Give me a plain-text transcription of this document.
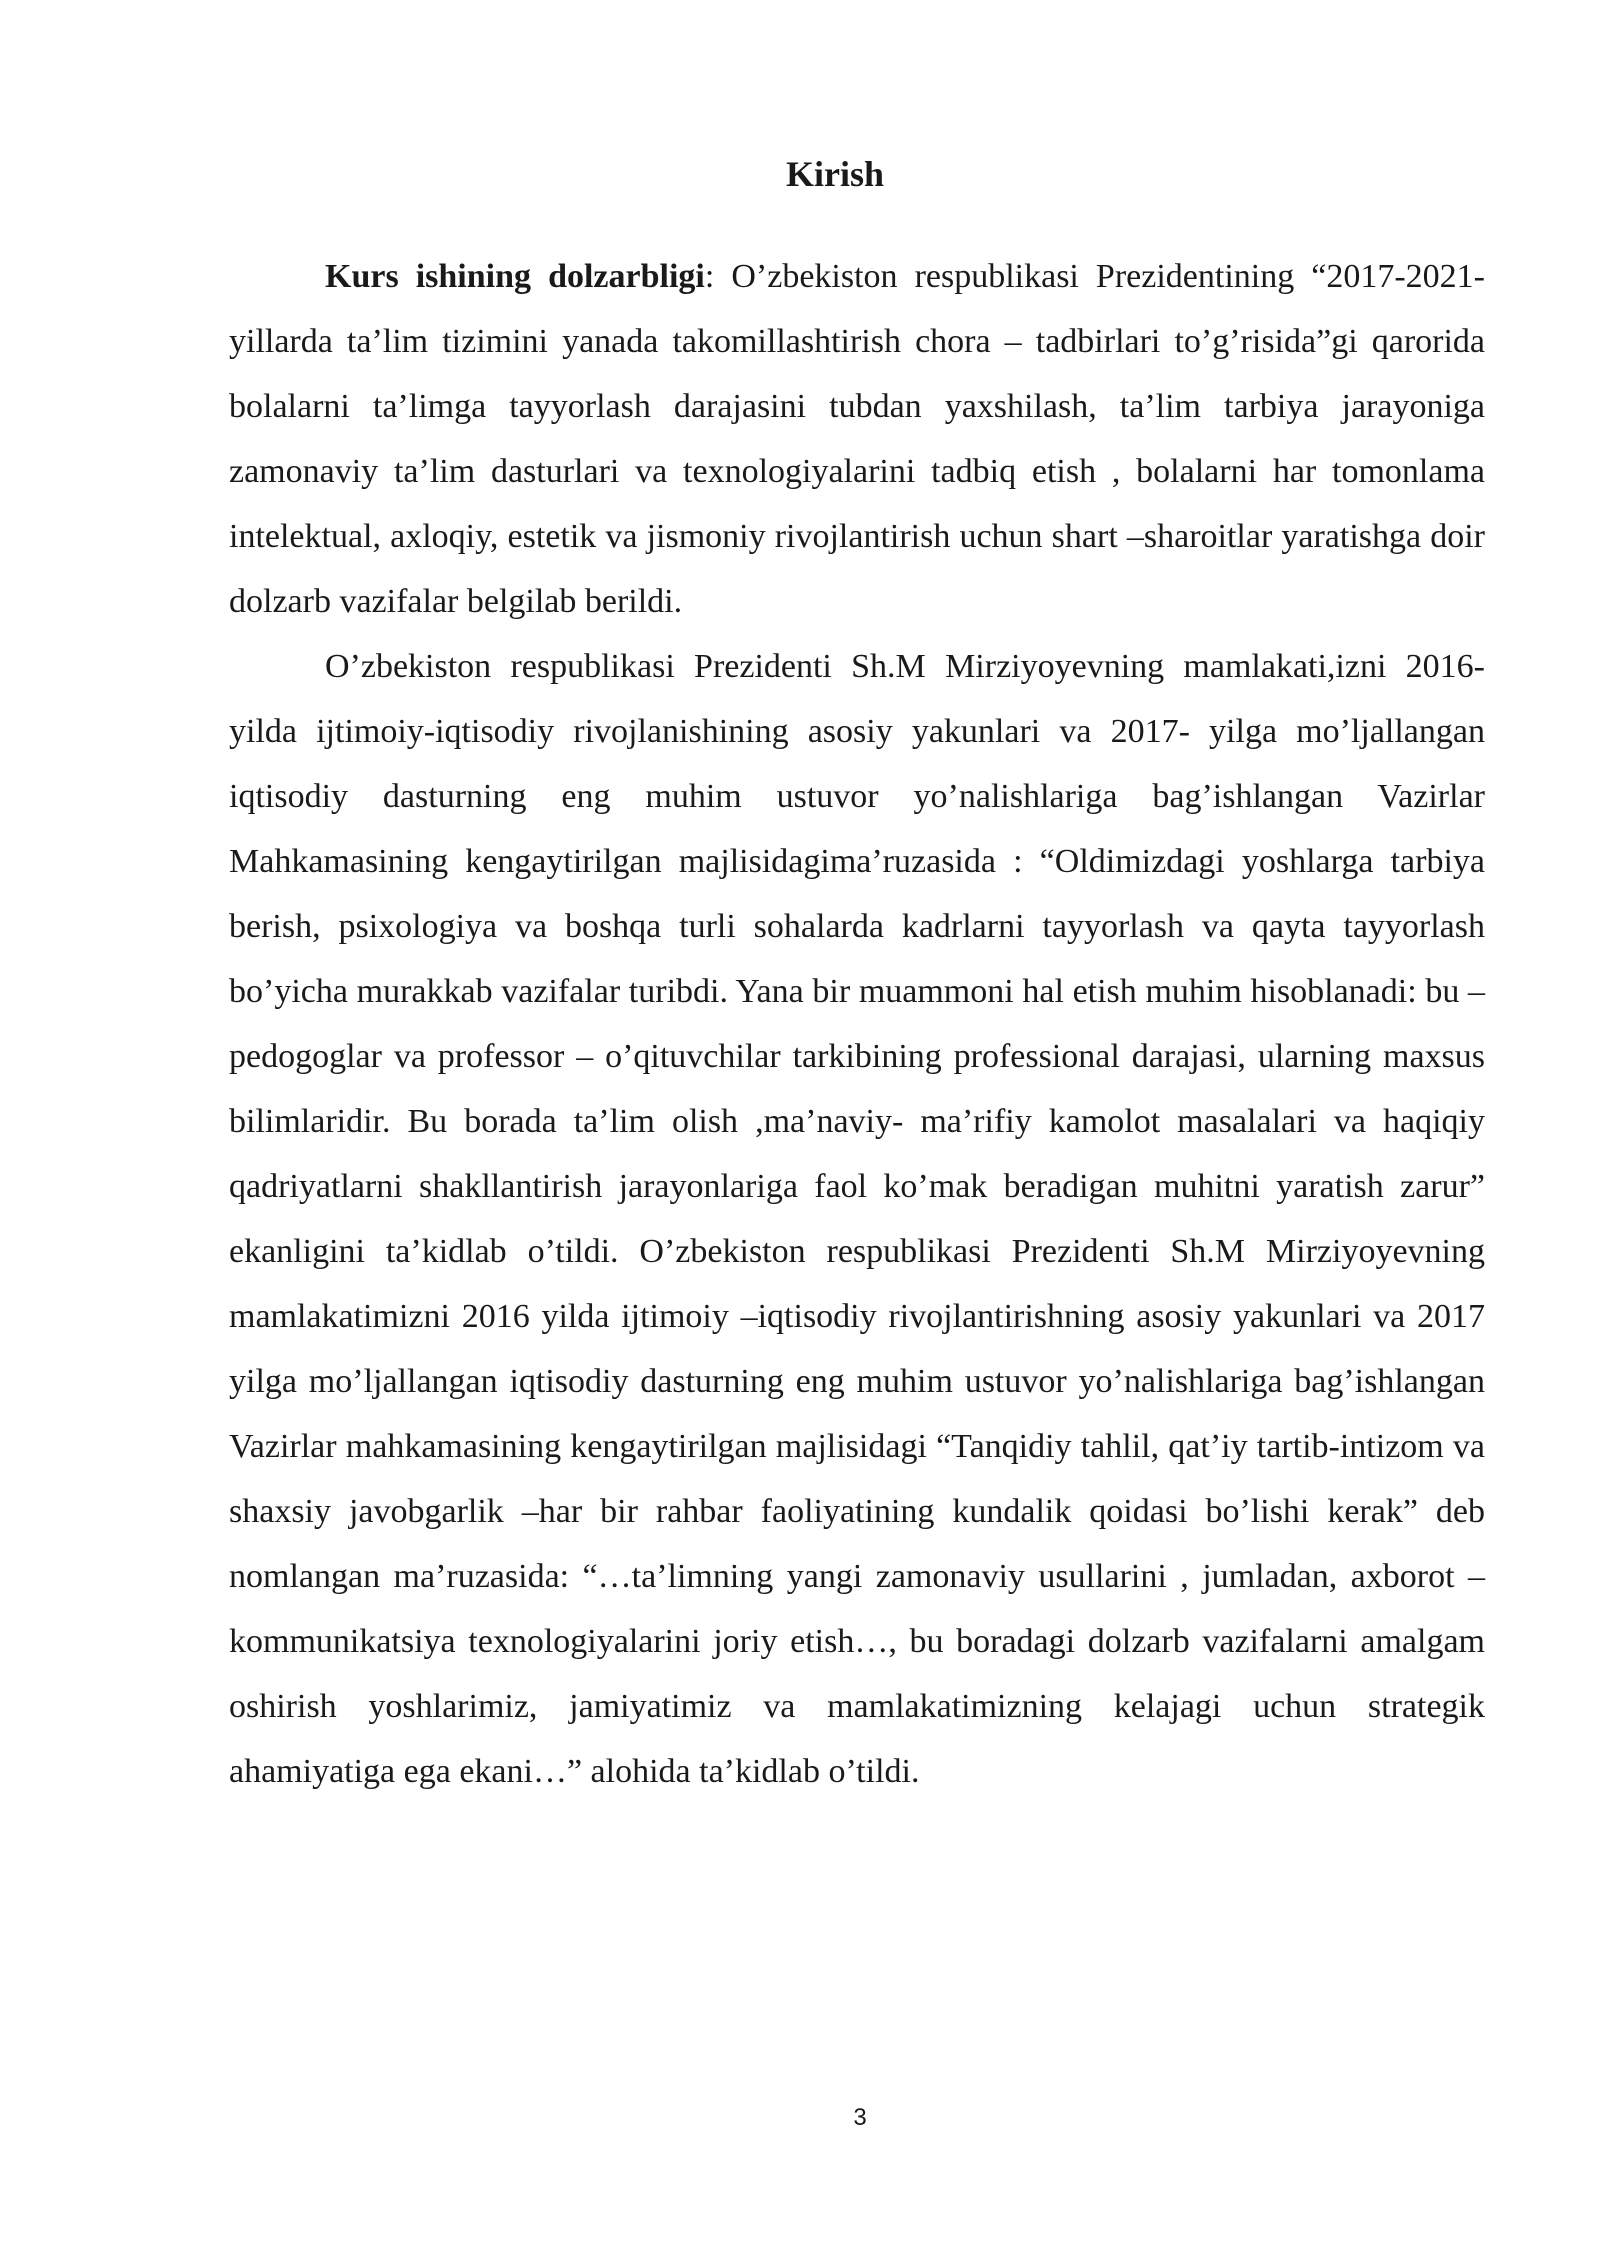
Kirish

Kurs ishining dolzarbligi: O’zbekiston respublikasi Prezidentining “2017-2021- yillarda ta’lim tizimini yanada takomillashtirish chora – tadbirlari to’g’risida”gi qarorida bolalarni ta’limga tayyorlash darajasini tubdan yaxshilash, ta’lim tarbiya jarayoniga zamonaviy ta’lim dasturlari va texnologiyalarini tadbiq etish , bolalarni har tomonlama intelektual, axloqiy, estetik va jismoniy rivojlantirish uchun shart –sharoitlar yaratishga doir dolzarb vazifalar belgilab berildi.

O’zbekiston respublikasi Prezidenti Sh.M Mirziyoyevning mamlakati,izni 2016- yilda ijtimoiy-iqtisodiy rivojlanishining asosiy yakunlari va 2017- yilga mo’ljallangan iqtisodiy dasturning eng muhim ustuvor yo’nalishlariga bag’ishlangan Vazirlar Mahkamasining kengaytirilgan majlisidagima’ruzasida : “Oldimizdagi yoshlarga tarbiya berish, psixologiya va boshqa turli sohalarda kadrlarni tayyorlash va qayta tayyorlash bo’yicha murakkab vazifalar turibdi. Yana bir muammoni hal etish muhim hisoblanadi: bu – pedogoglar va professor – o’qituvchilar tarkibining professional darajasi, ularning maxsus bilimlaridir. Bu borada ta’lim olish ,ma’naviy- ma’rifiy kamolot masalalari va haqiqiy qadriyatlarni shakllantirish jarayonlariga faol ko’mak beradigan muhitni yaratish zarur” ekanligini ta’kidlab o’tildi. O’zbekiston respublikasi Prezidenti Sh.M Mirziyoyevning mamlakatimizni 2016 yilda ijtimoiy –iqtisodiy rivojlantirishning asosiy yakunlari va 2017 yilga mo’ljallangan iqtisodiy dasturning eng muhim ustuvor yo’nalishlariga bag’ishlangan Vazirlar mahkamasining kengaytirilgan majlisidagi “Tanqidiy tahlil, qat’iy tartib-intizom va shaxsiy javobgarlik –har bir rahbar faoliyatining kundalik qoidasi bo’lishi kerak” deb nomlangan ma’ruzasida: “…ta’limning yangi zamonaviy usullarini , jumladan, axborot –kommunikatsiya texnologiyalarini joriy etish…, bu boradagi dolzarb vazifalarni amalgam oshirish yoshlarimiz, jamiyatimiz va mamlakatimizning kelajagi uchun strategik ahamiyatiga ega ekani…” alohida ta’kidlab o’tildi.

3
